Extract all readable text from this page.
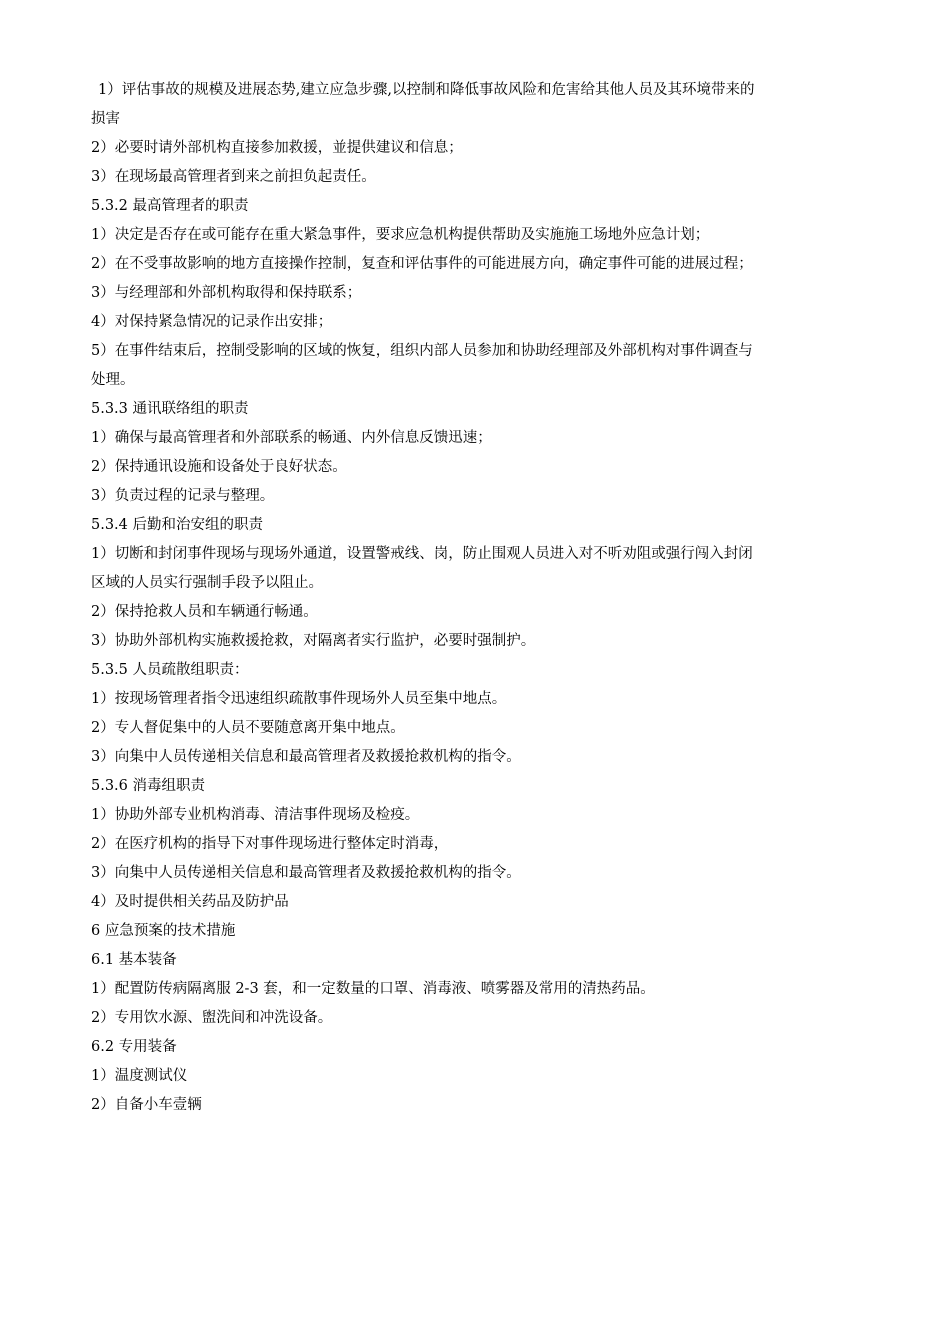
1）评估事故的规模及进展态势,建立应急步骤,以控制和降低事故风险和危害给其他人员及其环境带来的

损害

2）必要时请外部机构直接参加救援，並提供建议和信息；

3）在现场最高管理者到来之前担负起责任。

5.3.2 最高管理者的职责

1）决定是否存在或可能存在重大紧急事件，要求应急机构提供帮助及实施施工场地外应急计划；

2）在不受事故影响的地方直接操作控制，复查和评估事件的可能进展方向，确定事件可能的进展过程；

3）与经理部和外部机构取得和保持联系；

4）对保持紧急情况的记录作出安排；

5）在事件结束后，控制受影响的区域的恢复，组织内部人员参加和协助经理部及外部机构对事件调查与

处理。

5.3.3 通讯联络组的职责

1）确保与最高管理者和外部联系的畅通、内外信息反馈迅速；

2）保持通讯设施和设备处于良好状态。

3）负责过程的记录与整理。

5.3.4 后勤和治安组的职责

1）切断和封闭事件现场与现场外通道，设置警戒线、岗，防止围观人员进入对不听劝阻或强行闯入封闭

区域的人员实行强制手段予以阻止。

2）保持抢救人员和车辆通行畅通。

3）协助外部机构实施救援抢救，对隔离者实行监护，必要时强制护。

5.3.5 人员疏散组职责：

1）按现场管理者指令迅速组织疏散事件现场外人员至集中地点。

2）专人督促集中的人员不要随意离开集中地点。

3）向集中人员传递相关信息和最高管理者及救援抢救机构的指令。

5.3.6 消毒组职责

1）协助外部专业机构消毒、清洁事件现场及检疫。

2）在医疗机构的指导下对事件现场进行整体定时消毒，

3）向集中人员传递相关信息和最高管理者及救援抢救机构的指令。

4）及时提供相关药品及防护品

6 应急预案的技术措施

6.1 基本装备

1）配置防传病隔离服 2-3 套，和一定数量的口罩、消毒液、喷雾器及常用的清热药品。

2）专用饮水源、盥洗间和冲洗设备。

6.2 专用装备

1）温度测试仪

2）自备小车壹辆
